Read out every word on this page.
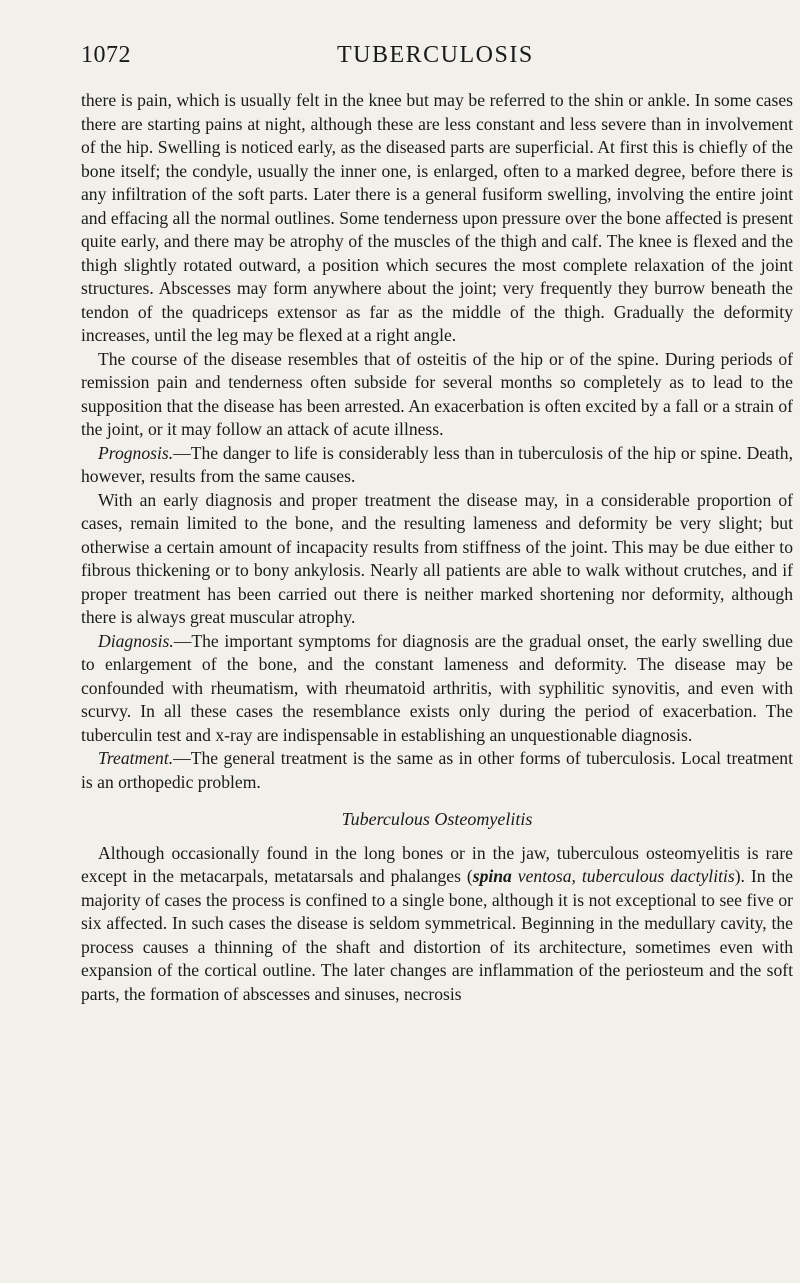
1072	TUBERCULOSIS

there is pain, which is usually felt in the knee but may be referred to the shin or ankle. In some cases there are starting pains at night, although these are less constant and less severe than in involvement of the hip. Swelling is noticed early, as the diseased parts are superficial. At first this is chiefly of the bone itself; the condyle, usually the inner one, is enlarged, often to a marked degree, before there is any infiltration of the soft parts. Later there is a general fusiform swelling, involving the entire joint and effacing all the normal outlines. Some tenderness upon pressure over the bone affected is present quite early, and there may be atrophy of the muscles of the thigh and calf. The knee is flexed and the thigh slightly rotated outward, a position which secures the most complete relaxation of the joint structures. Abscesses may form anywhere about the joint; very frequently they burrow beneath the tendon of the quadriceps extensor as far as the middle of the thigh. Gradually the deformity increases, until the leg may be flexed at a right angle.

The course of the disease resembles that of osteitis of the hip or of the spine. During periods of remission pain and tenderness often subside for several months so completely as to lead to the supposition that the disease has been arrested. An exacerbation is often excited by a fall or a strain of the joint, or it may follow an attack of acute illness.

Prognosis.—The danger to life is considerably less than in tuberculosis of the hip or spine. Death, however, results from the same causes.

With an early diagnosis and proper treatment the disease may, in a considerable proportion of cases, remain limited to the bone, and the resulting lameness and deformity be very slight; but otherwise a certain amount of incapacity results from stiffness of the joint. This may be due either to fibrous thickening or to bony ankylosis. Nearly all patients are able to walk without crutches, and if proper treatment has been carried out there is neither marked shortening nor deformity, although there is always great muscular atrophy.

Diagnosis.—The important symptoms for diagnosis are the gradual onset, the early swelling due to enlargement of the bone, and the constant lameness and deformity. The disease may be confounded with rheumatism, with rheumatoid arthritis, with syphilitic synovitis, and even with scurvy. In all these cases the resemblance exists only during the period of exacerbation. The tuberculin test and x-ray are indispensable in establishing an unquestionable diagnosis.

Treatment.—The general treatment is the same as in other forms of tuberculosis. Local treatment is an orthopedic problem.

Tuberculous Osteomyelitis

Although occasionally found in the long bones or in the jaw, tuberculous osteomyelitis is rare except in the metacarpals, metatarsals and phalanges (spina ventosa, tuberculous dactylitis). In the majority of cases the process is confined to a single bone, although it is not exceptional to see five or six affected. In such cases the disease is seldom symmetrical. Beginning in the medullary cavity, the process causes a thinning of the shaft and distortion of its architecture, sometimes even with expansion of the cortical outline. The later changes are inflammation of the periosteum and the soft parts, the formation of abscesses and sinuses, necrosis
